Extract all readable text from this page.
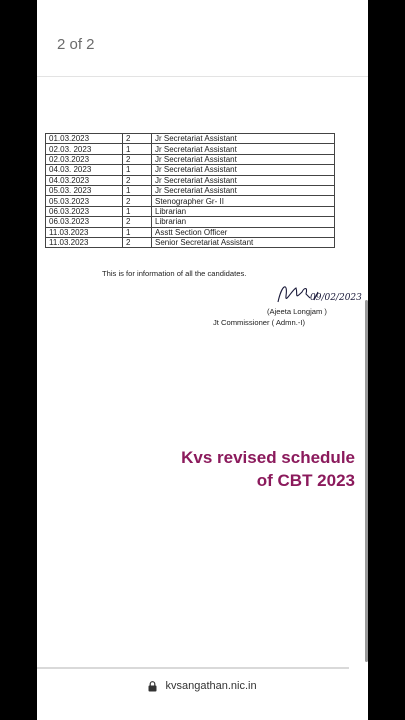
2 of 2
01.03.2023	2	Jr Secretariat Assistant
02.03. 2023	1	Jr Secretariat Assistant
02.03.2023	2	Jr Secretariat Assistant
04.03. 2023	1	Jr Secretariat Assistant
04.03.2023	2	Jr Secretariat Assistant
05.03. 2023	1	Jr Secretariat Assistant
05.03.2023	2	Stenographer Gr- II
06.03.2023	1	Librarian
06.03.2023	2	Librarian
11.03.2023	1	Asstt Section Officer
11.03.2023	2	Senior Secretariat Assistant
This is for information of all the candidates.
09/02/2023
(Ajeeta Longjam )
Jt Commissioner ( Admn.-I)
Kvs revised schedule
of CBT 2023
kvsangathan.nic.in
